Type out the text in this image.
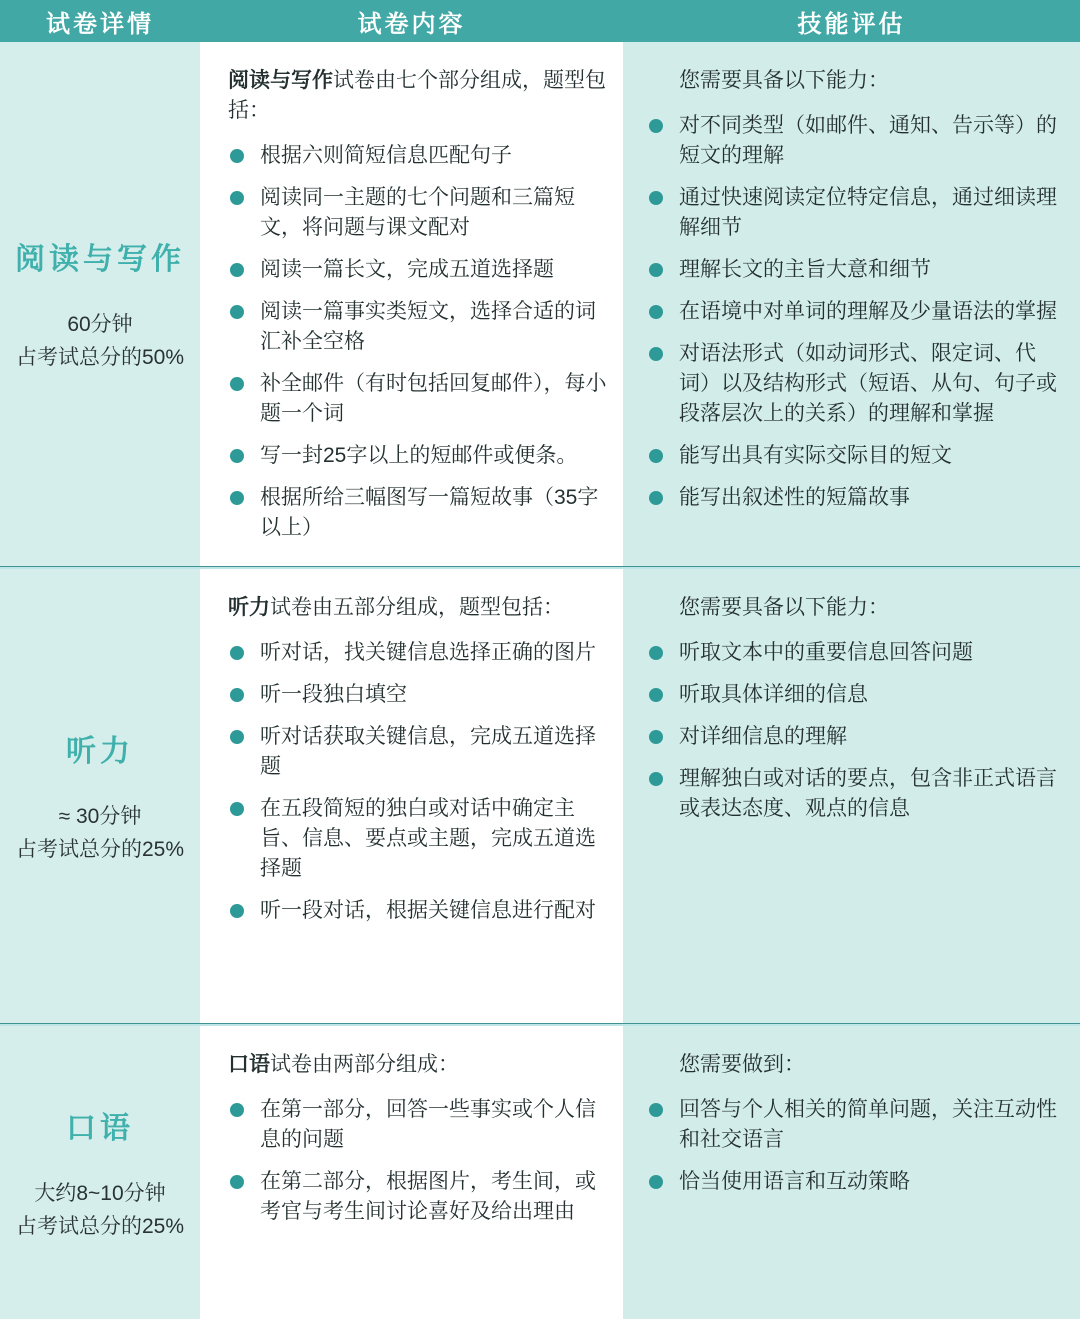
试卷详情	试卷内容	技能评估
阅读与写作
60分钟
占考试总分的50%

阅读与写作试卷由七个部分组成，题型包括：

根据六则简短信息匹配句子
阅读同一主题的七个问题和三篇短文，将问题与课文配对
阅读一篇长文，完成五道选择题
阅读一篇事实类短文，选择合适的词汇补全空格
补全邮件（有时包括回复邮件），每小题一个词
写一封25字以上的短邮件或便条。
根据所给三幅图写一篇短故事（35字以上）

您需要具备以下能力：

对不同类型（如邮件、通知、告示等）的短文的理解
通过快速阅读定位特定信息，通过细读理解细节
理解长文的主旨大意和细节
在语境中对单词的理解及少量语法的掌握
对语法形式（如动词形式、限定词、代词）以及结构形式（短语、从句、句子或段落层次上的关系）的理解和掌握
能写出具有实际交际目的短文
能写出叙述性的短篇故事
听力
≈ 30分钟
占考试总分的25%

听力试卷由五部分组成，题型包括：

听对话，找关键信息选择正确的图片
听一段独白填空
听对话获取关键信息，完成五道选择题
在五段简短的独白或对话中确定主旨、信息、要点或主题，完成五道选择题
听一段对话，根据关键信息进行配对

您需要具备以下能力：

听取文本中的重要信息回答问题
听取具体详细的信息
对详细信息的理解
理解独白或对话的要点，包含非正式语言或表达态度、观点的信息
口语
大约8~10分钟
占考试总分的25%

口语试卷由两部分组成：

在第一部分，回答一些事实或个人信息的问题
在第二部分，根据图片，考生间，或考官与考生间讨论喜好及给出理由

您需要做到：

回答与个人相关的简单问题，关注互动性和社交语言
恰当使用语言和互动策略
